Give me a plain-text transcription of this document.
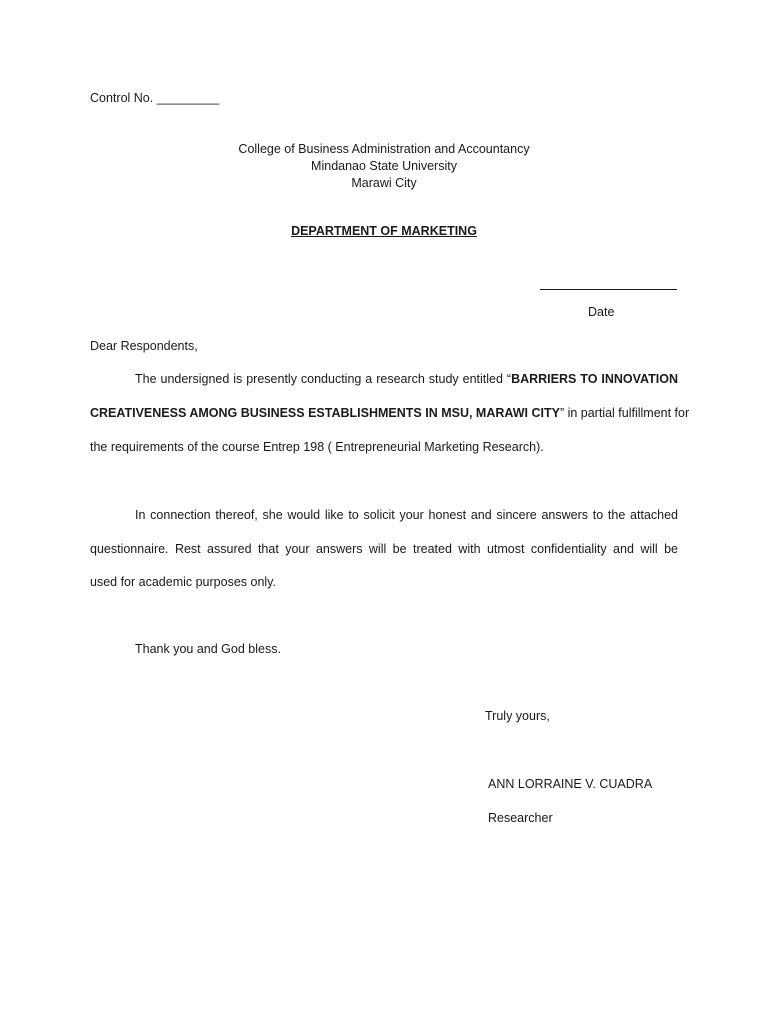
Control No. _________
College of Business Administration and Accountancy
Mindanao State University
Marawi City
DEPARTMENT OF MARKETING
Date
Dear Respondents,
The undersigned is presently conducting a research study entitled “BARRIERS TO INNOVATION
CREATIVENESS AMONG BUSINESS ESTABLISHMENTS IN MSU, MARAWI CITY” in partial fulfillment for
the requirements of the course Entrep 198 ( Entrepreneurial Marketing Research).
In connection thereof, she would like to solicit your honest and sincere answers to the attached
questionnaire. Rest assured that your answers will be treated with utmost confidentiality and will be
used for academic purposes only.
Thank you and God bless.
Truly yours,
ANN LORRAINE V. CUADRA
Researcher
